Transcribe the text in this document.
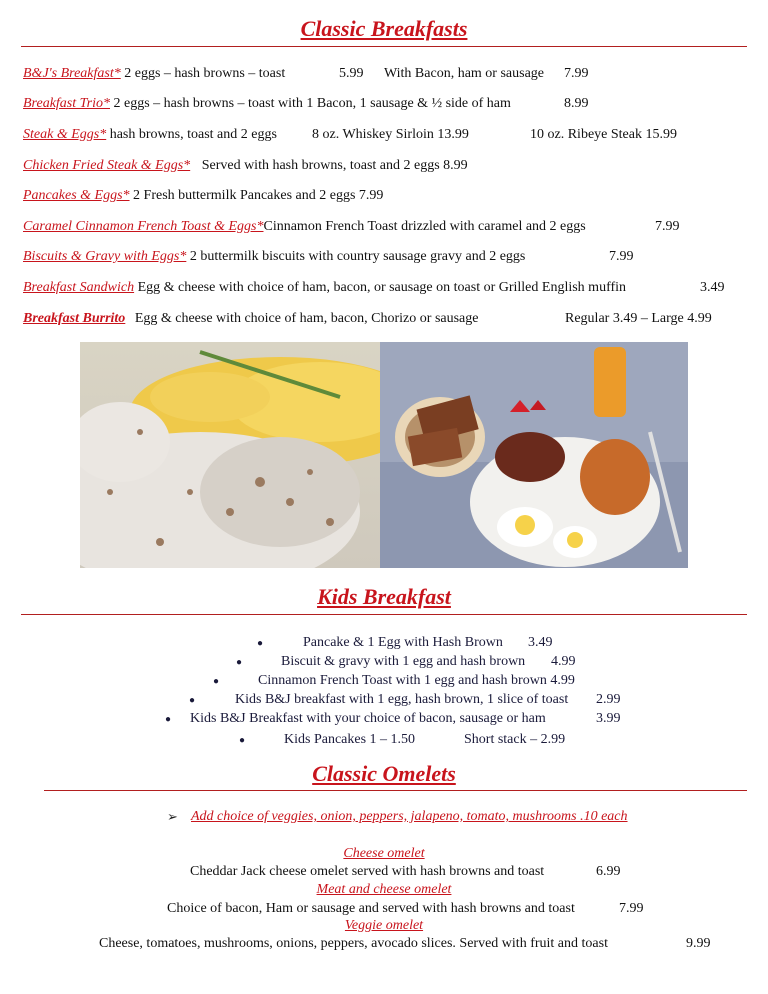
Classic Breakfasts
B&J's Breakfast* 2 eggs – hash browns – toast	5.99 With Bacon, ham or sausage 7.99
Breakfast Trio* 2 eggs – hash browns – toast with 1 Bacon, 1 sausage & ½ side of ham	8.99
Steak & Eggs* hash browns, toast and 2 eggs	8 oz. Whiskey Sirloin 13.99	10 oz. Ribeye Steak 15.99
Chicken Fried Steak & Eggs* Served with hash browns, toast and 2 eggs 8.99
Pancakes & Eggs* 2 Fresh buttermilk Pancakes and 2 eggs 7.99
Caramel Cinnamon French Toast & Eggs*Cinnamon French Toast drizzled with caramel and 2 eggs	7.99
Biscuits & Gravy with Eggs* 2 buttermilk biscuits with country sausage gravy and 2 eggs	7.99
Breakfast Sandwich Egg & cheese with choice of ham, bacon, or sausage on toast or Grilled English muffin	3.49
Breakfast Burrito Egg & cheese with choice of ham, bacon, Chorizo or sausage	Regular 3.49 – Large 4.99
Kids Breakfast
●	Pancake & 1 Egg with Hash Brown 3.49
●	Biscuit & gravy with 1 egg and hash brown 4.99
●	Cinnamon French Toast with 1 egg and hash brown 4.99
●	Kids B&J breakfast with 1 egg, hash brown, 1 slice of toast 2.99
● Kids B&J Breakfast with your choice of bacon, sausage or ham	3.99
●	Kids Pancakes 1 – 1.50	Short stack – 2.99
Classic Omelets
➢ Add choice of veggies, onion, peppers, jalapeno, tomato, mushrooms .10 each
Cheese omelet
Cheddar Jack cheese omelet served with hash browns and toast	6.99
Meat and cheese omelet
Choice of bacon, Ham or sausage and served with hash browns and toast	7.99
Veggie omelet
Cheese, tomatoes, mushrooms, onions, peppers, avocado slices. Served with fruit and toast	9.99
